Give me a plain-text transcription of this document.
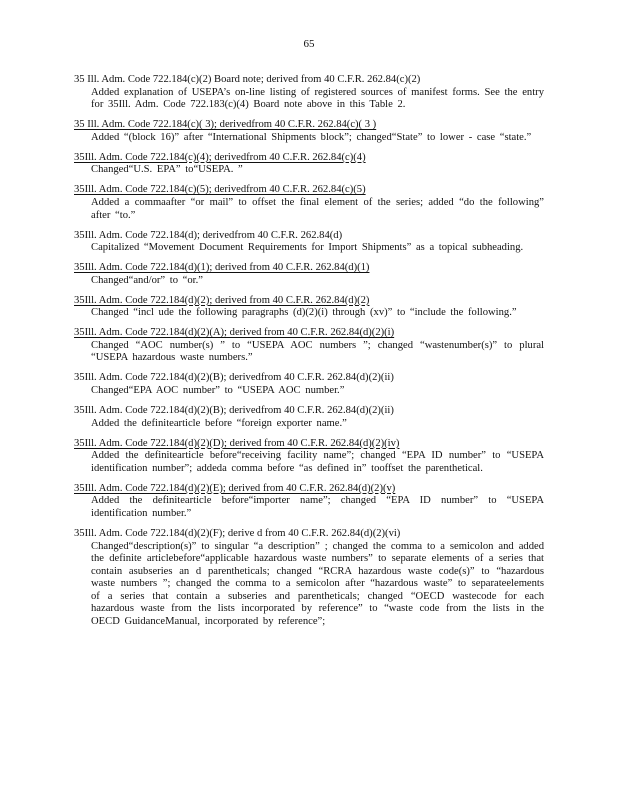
65
35 Ill. Adm. Code 722.184(c)(2) Board note; derived from 40 C.F.R. 262.84(c)(2)
Added explanation of USEPA’s on-line listing of registered sources of manifest forms. See the entry for 35Ill. Adm. Code 722.183(c)(4) Board note above in this Table 2.
35 Ill. Adm. Code 722.184(c)( 3); derivedfrom 40 C.F.R. 262.84(c)( 3 )
Added “(block 16)” after “International Shipments block”; changed“State” to lower - case “state.”
35Ill. Adm. Code 722.184(c)(4); derivedfrom 40 C.F.R. 262.84(c)(4)
Changed“U.S. EPA” to“USEPA. ”
35Ill. Adm. Code 722.184(c)(5); derivedfrom 40 C.F.R. 262.84(c)(5)
Added a commaafter “or mail” to offset the final element of the series; added “do the following” after “to.”
35Ill. Adm. Code 722.184(d); derivedfrom 40 C.F.R. 262.84(d)
Capitalized “Movement Document Requirements for Import Shipments” as a topical subheading.
35Ill. Adm. Code 722.184(d)(1); derived from 40 C.F.R. 262.84(d)(1)
Changed“and/or” to “or.”
35Ill. Adm. Code 722.184(d)(2); derived from 40 C.F.R. 262.84(d)(2)
Changed “incl ude the following paragraphs (d)(2)(i) through (xv)” to “include the following.”
35Ill. Adm. Code 722.184(d)(2)(A); derived from 40 C.F.R. 262.84(d)(2)(i)
Changed “AOC number(s) ” to “USEPA AOC numbers ”; changed “wastenumber(s)” to plural “USEPA hazardous waste numbers.”
35Ill. Adm. Code 722.184(d)(2)(B); derivedfrom 40 C.F.R. 262.84(d)(2)(ii)
Changed“EPA AOC number” to “USEPA AOC number.”
35Ill. Adm. Code 722.184(d)(2)(B); derivedfrom 40 C.F.R. 262.84(d)(2)(ii)
Added the definitearticle before “foreign exporter name.”
35Ill. Adm. Code 722.184(d)(2)(D); derived from 40 C.F.R. 262.84(d)(2)(iv)
Added the definitearticle before“receiving facility name”; changed “EPA ID number” to “USEPA identification number”; addeda comma before “as defined in” tooffset the parenthetical.
35Ill. Adm. Code 722.184(d)(2)(E); derived from 40 C.F.R. 262.84(d)(2)(v)
Added the definitearticle before“importer name”; changed “EPA ID number” to “USEPA identification number.”
35Ill. Adm. Code 722.184(d)(2)(F); derive d from 40 C.F.R. 262.84(d)(2)(vi)
Changed“description(s)” to singular “a description” ; changed the comma to a semicolon and added the definite articlebefore“applicable hazardous waste numbers” to separate elements of a series that contain asubseries an d parentheticals; changed “RCRA hazardous waste code(s)” to “hazardous waste numbers ”; changed the comma to a semicolon after “hazardous waste” to separateelements of a series that contain a subseries and parentheticals; changed “OECD wastecode for each hazardous waste from the lists incorporated by reference” to “waste code from the lists in the OECD GuidanceManual, incorporated by reference”;
